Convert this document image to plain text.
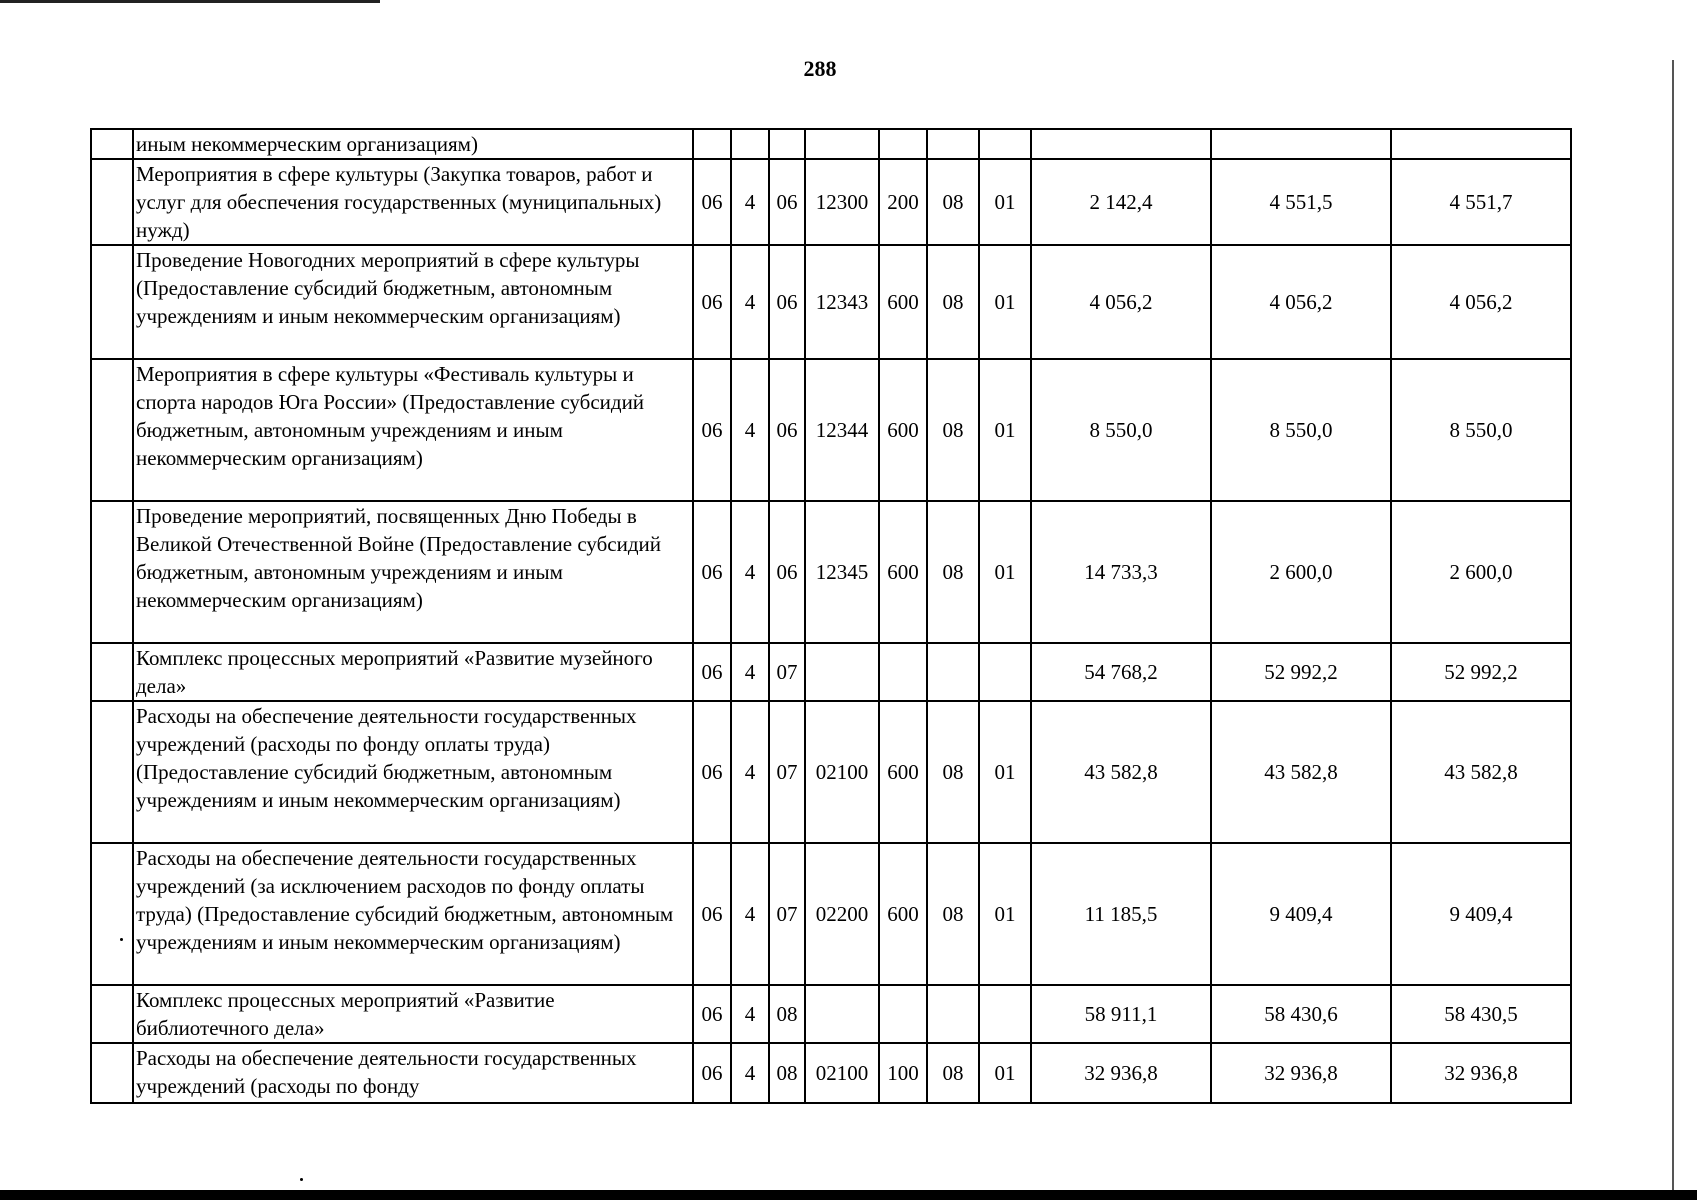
288
	иным некоммерческим организациям)										
	Мероприятия в сфере культуры (Закупка товаров, работ и услуг для обеспечения государственных (муниципальных) нужд)	06	4	06	12300	200	08	01	2 142,4	4 551,5	4 551,7
	Проведение Новогодних мероприятий в сфере культуры (Предоставление субсидий бюджетным, автономным учреждениям и иным некоммерческим организациям)	06	4	06	12343	600	08	01	4 056,2	4 056,2	4 056,2
	Мероприятия в сфере культуры «Фестиваль культуры и спорта народов Юга России» (Предоставление субсидий бюджетным, автономным учреждениям и иным некоммерческим организациям)	06	4	06	12344	600	08	01	8 550,0	8 550,0	8 550,0
	Проведение мероприятий, посвященных Дню Победы в Великой Отечественной Войне (Предоставление субсидий бюджетным, автономным учреждениям и иным некоммерческим организациям)	06	4	06	12345	600	08	01	14 733,3	2 600,0	2 600,0
	Комплекс процессных мероприятий «Развитие музейного дела»	06	4	07					54 768,2	52 992,2	52 992,2
	Расходы на обеспечение деятельности государственных учреждений (расходы по фонду оплаты труда) (Предоставление субсидий бюджетным, автономным учреждениям и иным некоммерческим организациям)	06	4	07	02100	600	08	01	43 582,8	43 582,8	43 582,8
	Расходы на обеспечение деятельности государственных учреждений (за исключением расходов по фонду оплаты труда) (Предоставление субсидий бюджетным, автономным учреждениям и иным некоммерческим организациям)	06	4	07	02200	600	08	01	11 185,5	9 409,4	9 409,4
	Комплекс процессных мероприятий «Развитие библиотечного дела»	06	4	08					58 911,1	58 430,6	58 430,5
	Расходы на обеспечение деятельности государственных учреждений (расходы по фонду	06	4	08	02100	100	08	01	32 936,8	32 936,8	32 936,8
